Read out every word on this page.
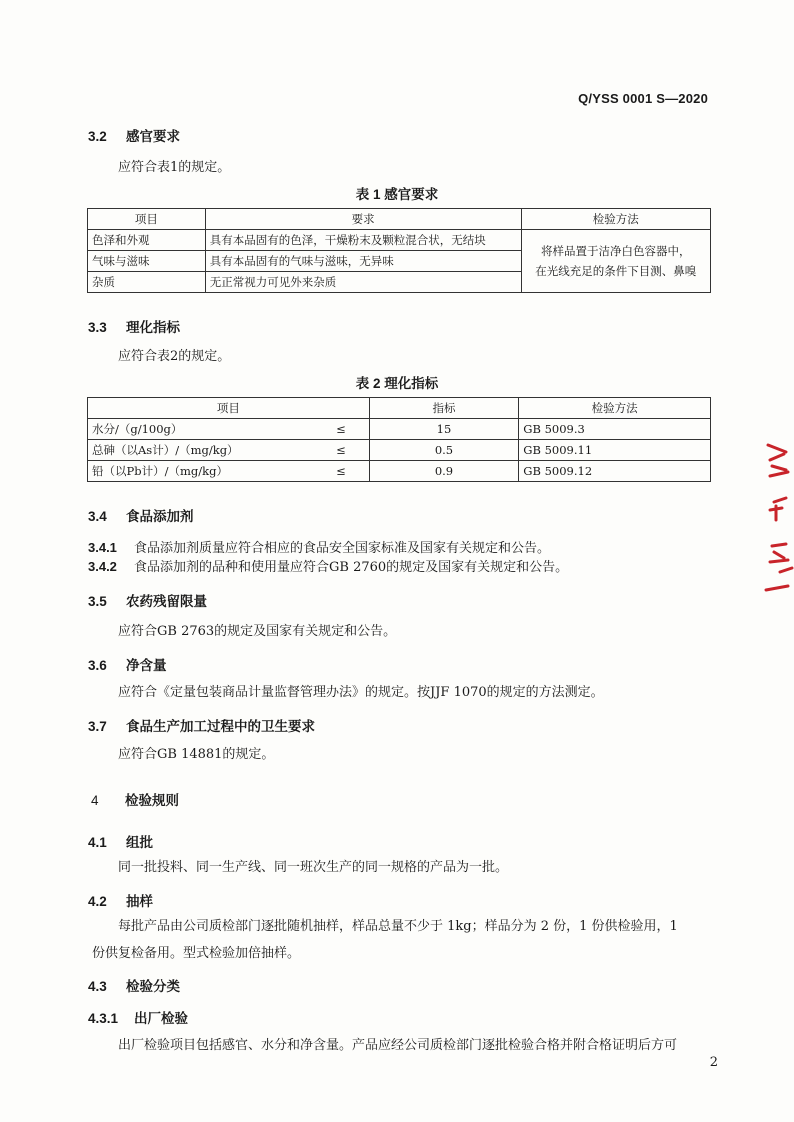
Q/YSS 0001 S—2020
3.2 感官要求
应符合表1的规定。
表 1 感官要求
项目	要求	检验方法
色泽和外观	具有本品固有的色泽，干燥粉末及颗粒混合状，无结块	将样品置于洁净白色容器中，
在光线充足的条件下目测、鼻嗅

气味与滋味	具有本品固有的气味与滋味，无异味	
杂质	无正常视力可见外来杂质	
3.3 理化指标
应符合表2的规定。
表 2 理化指标
项目		指标	检验方法
水分/（g/100g）	≤	15	GB 5009.3
总砷（以As计）/（mg/kg）	≤	0.5	GB 5009.11
铅（以Pb计）/（mg/kg）	≤	0.9	GB 5009.12
3.4 食品添加剂
3.4.1 食品添加剂质量应符合相应的食品安全国家标准及国家有关规定和公告。
3.4.2 食品添加剂的品种和使用量应符合GB 2760的规定及国家有关规定和公告。
3.5 农药残留限量
应符合GB 2763的规定及国家有关规定和公告。
3.6 净含量
应符合《定量包装商品计量监督管理办法》的规定。按JJF 1070的规定的方法测定。
3.7 食品生产加工过程中的卫生要求
应符合GB 14881的规定。
4 检验规则
4.1 组批
同一批投料、同一生产线、同一班次生产的同一规格的产品为一批。
4.2 抽样
每批产品由公司质检部门逐批随机抽样，样品总量不少于 1kg；样品分为 2 份，1 份供检验用，1
份供复检备用。型式检验加倍抽样。
4.3 检验分类
4.3.1 出厂检验
出厂检验项目包括感官、水分和净含量。产品应经公司质检部门逐批检验合格并附合格证明后方可
2
